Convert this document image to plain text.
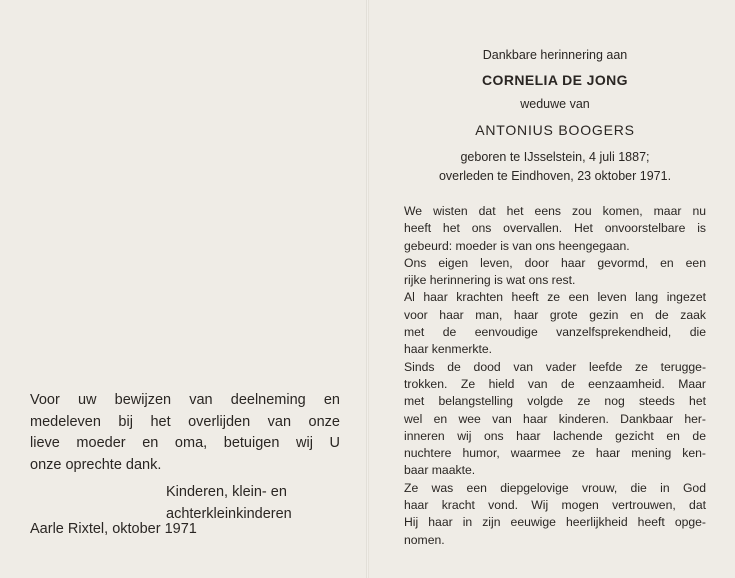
Voor uw bewijzen van deelneming en

medeleven bij het overlijden van onze

lieve moeder en oma, betuigen wij U

onze oprechte dank.

Kinderen, klein- en
achterkleinkinderen
Aarle Rixtel, oktober 1971
Dankbare herinnering aan
CORNELIA DE JONG
weduwe van
ANTONIUS BOOGERS
geboren te IJsselstein, 4 juli 1887;
overleden te Eindhoven, 23 oktober 1971.

We wisten dat het eens zou komen, maar nu
heeft het ons overvallen. Het onvoorstelbare is
gebeurd: moeder is van ons heengegaan.

Ons eigen leven, door haar gevormd, en een
rijke herinnering is wat ons rest.

Al haar krachten heeft ze een leven lang ingezet
voor haar man, haar grote gezin en de zaak
met de eenvoudige vanzelfsprekendheid, die
haar kenmerkte.

Sinds de dood van vader leefde ze terugge-
trokken. Ze hield van de eenzaamheid. Maar
met belangstelling volgde ze nog steeds het
wel en wee van haar kinderen. Dankbaar her-
inneren wij ons haar lachende gezicht en de
nuchtere humor, waarmee ze haar mening ken-
baar maakte.

Ze was een diepgelovige vrouw, die in God
haar kracht vond. Wij mogen vertrouwen, dat
Hij haar in zijn eeuwige heerlijkheid heeft opge-
nomen.
